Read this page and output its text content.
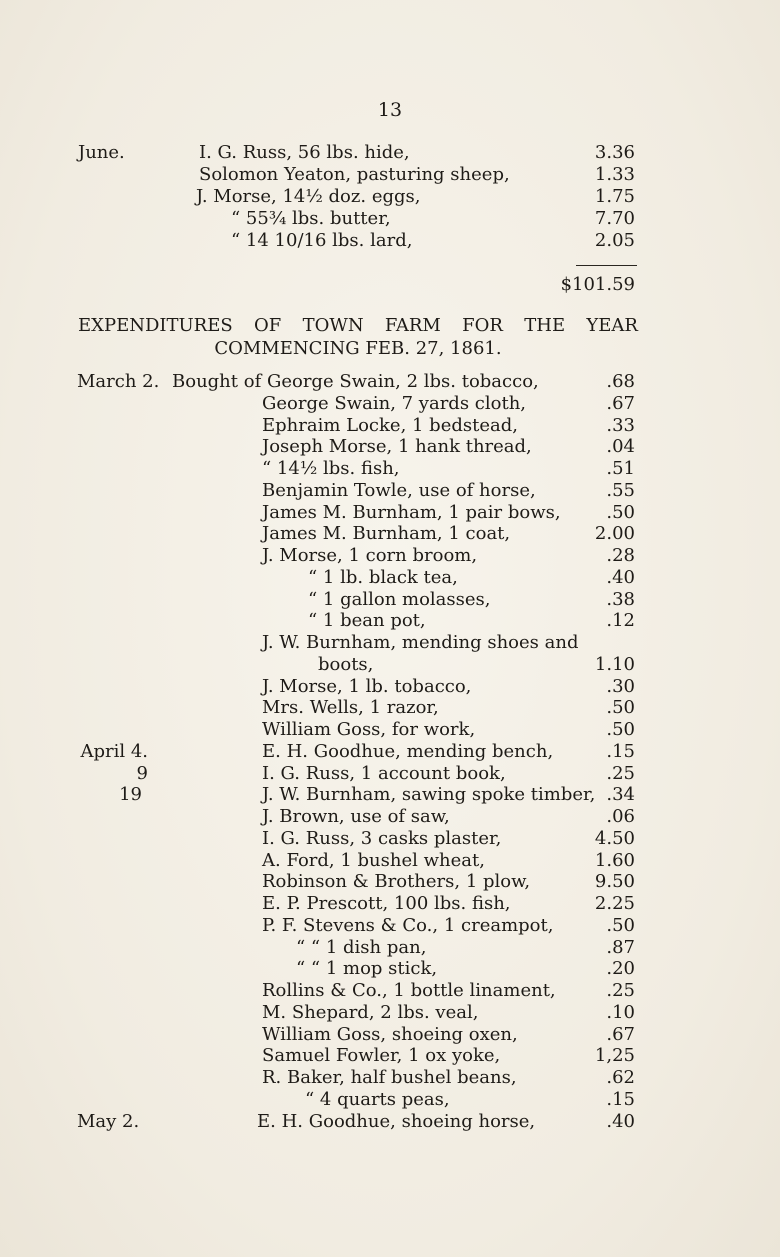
13
June.	I. G. Russ, 56 lbs. hide,	3.36
Solomon Yeaton, pasturing sheep,	1.33
J. Morse, 14½ doz. eggs,	1.75
“ 55¾ lbs. butter,	7.70
“ 14 10/16 lbs. lard,	2.05
$101.59
EXPENDITURES OF TOWN FARM FOR THE YEAR
COMMENCING FEB. 27, 1861.
March 2. Bought of George Swain, 2 lbs. tobacco,	.68
George Swain, 7 yards cloth,	.67
Ephraim Locke, 1 bedstead,	.33
Joseph Morse, 1 hank thread,	.04
“ 14½ lbs. fish,	.51
Benjamin Towle, use of horse,	.55
James M. Burnham, 1 pair bows,	.50
James M. Burnham, 1 coat,	2.00
J. Morse, 1 corn broom,	.28
“ 1 lb. black tea,	.40
“ 1 gallon molasses,	.38
“ 1 bean pot,	.12
J. W. Burnham, mending shoes and
boots,	1.10
J. Morse, 1 lb. tobacco,	.30
Mrs. Wells, 1 razor,	.50
William Goss, for work,	.50
April 4.	E. H. Goodhue, mending bench,	.15
9	I. G. Russ, 1 account book,	.25
19	J. W. Burnham, sawing spoke timber, .34
J. Brown, use of saw,	.06
I. G. Russ, 3 casks plaster,	4.50
A. Ford, 1 bushel wheat,	1.60
Robinson & Brothers, 1 plow,	9.50
E. P. Prescott, 100 lbs. fish,	2.25
P. F. Stevens & Co., 1 creampot,	.50
“ “ 1 dish pan,	.87
“ “ 1 mop stick,	.20
Rollins & Co., 1 bottle linament,	.25
M. Shepard, 2 lbs. veal,	.10
William Goss, shoeing oxen,	.67
Samuel Fowler, 1 ox yoke,	1,25
R. Baker, half bushel beans,	.62
“ 4 quarts peas,	.15
May 2.	E. H. Goodhue, shoeing horse,	.40
